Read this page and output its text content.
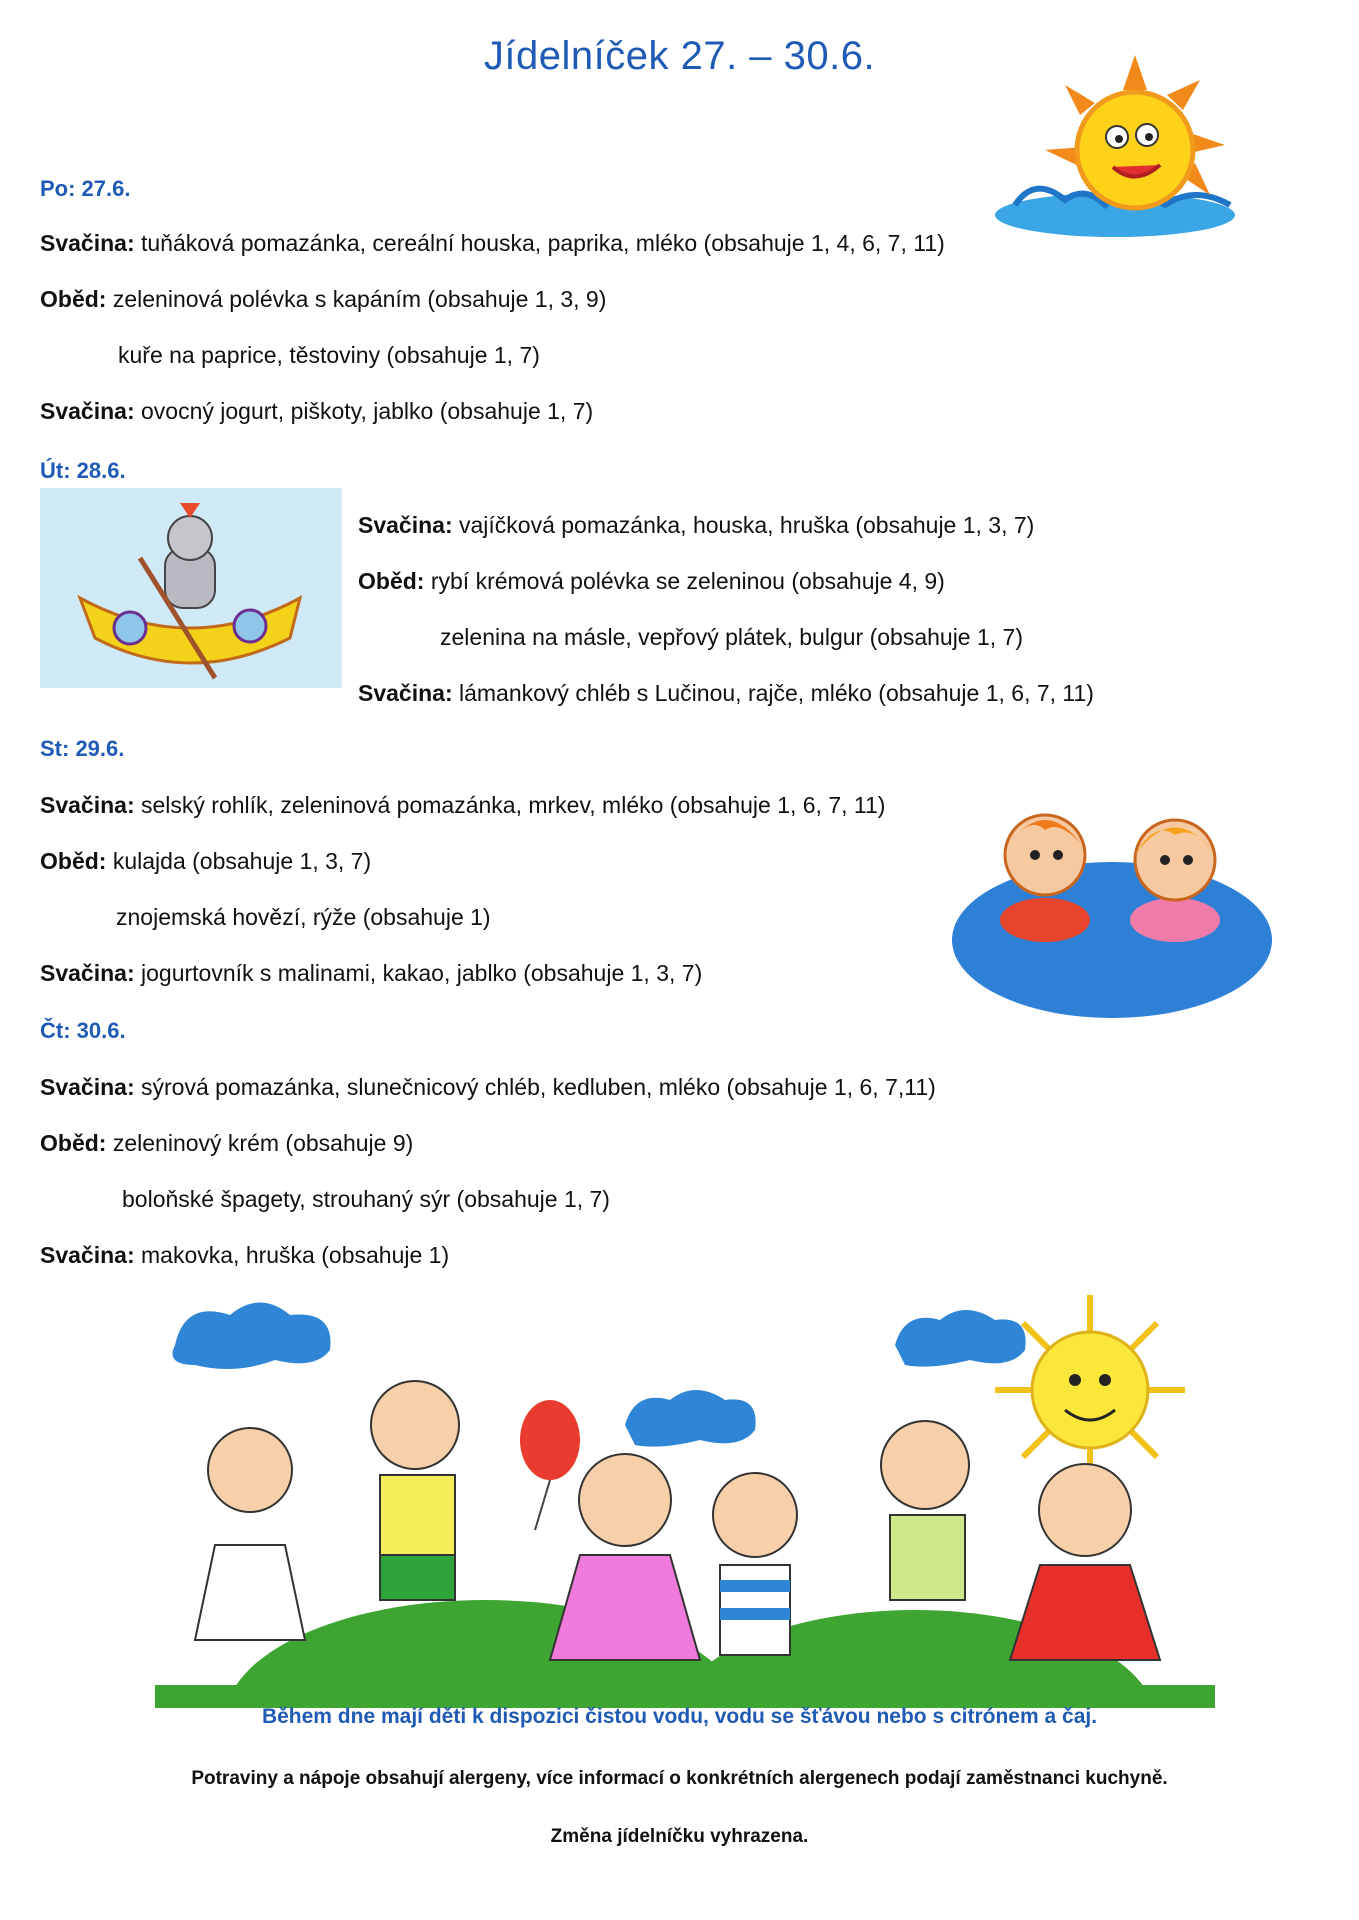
Jídelníček 27. – 30.6.
Po: 27.6.
Svačina: tuňáková pomazánka, cereální houska, paprika, mléko (obsahuje 1, 4, 6, 7, 11)
Oběd: zeleninová polévka s kapáním (obsahuje 1, 3, 9)
kuře na paprice, těstoviny (obsahuje 1, 7)
Svačina: ovocný jogurt, piškoty, jablko (obsahuje 1, 7)
Út: 28.6.
Svačina: vajíčková pomazánka, houska, hruška (obsahuje 1, 3, 7)
Oběd: rybí krémová polévka se zeleninou (obsahuje 4, 9)
zelenina na másle, vepřový plátek, bulgur (obsahuje 1, 7)
Svačina: lámankový chléb s Lučinou, rajče, mléko (obsahuje 1, 6, 7, 11)
St: 29.6.
Svačina: selský rohlík, zeleninová pomazánka, mrkev, mléko (obsahuje 1, 6, 7, 11)
Oběd: kulajda (obsahuje 1, 3, 7)
znojemská hovězí, rýže (obsahuje 1)
Svačina: jogurtovník s malinami, kakao, jablko (obsahuje 1, 3, 7)
Čt: 30.6.
Svačina: sýrová pomazánka, slunečnicový chléb, kedluben, mléko (obsahuje 1, 6, 7,11)
Oběd: zeleninový krém (obsahuje 9)
boloňské špagety, strouhaný sýr (obsahuje 1, 7)
Svačina: makovka, hruška (obsahuje 1)
Během dne mají děti k dispozici čistou vodu, vodu se šťávou nebo s citrónem a čaj.
Potraviny a nápoje obsahují alergeny, více informací o konkrétních alergenech podají zaměstnanci kuchyně.
Změna jídelníčku vyhrazena.
